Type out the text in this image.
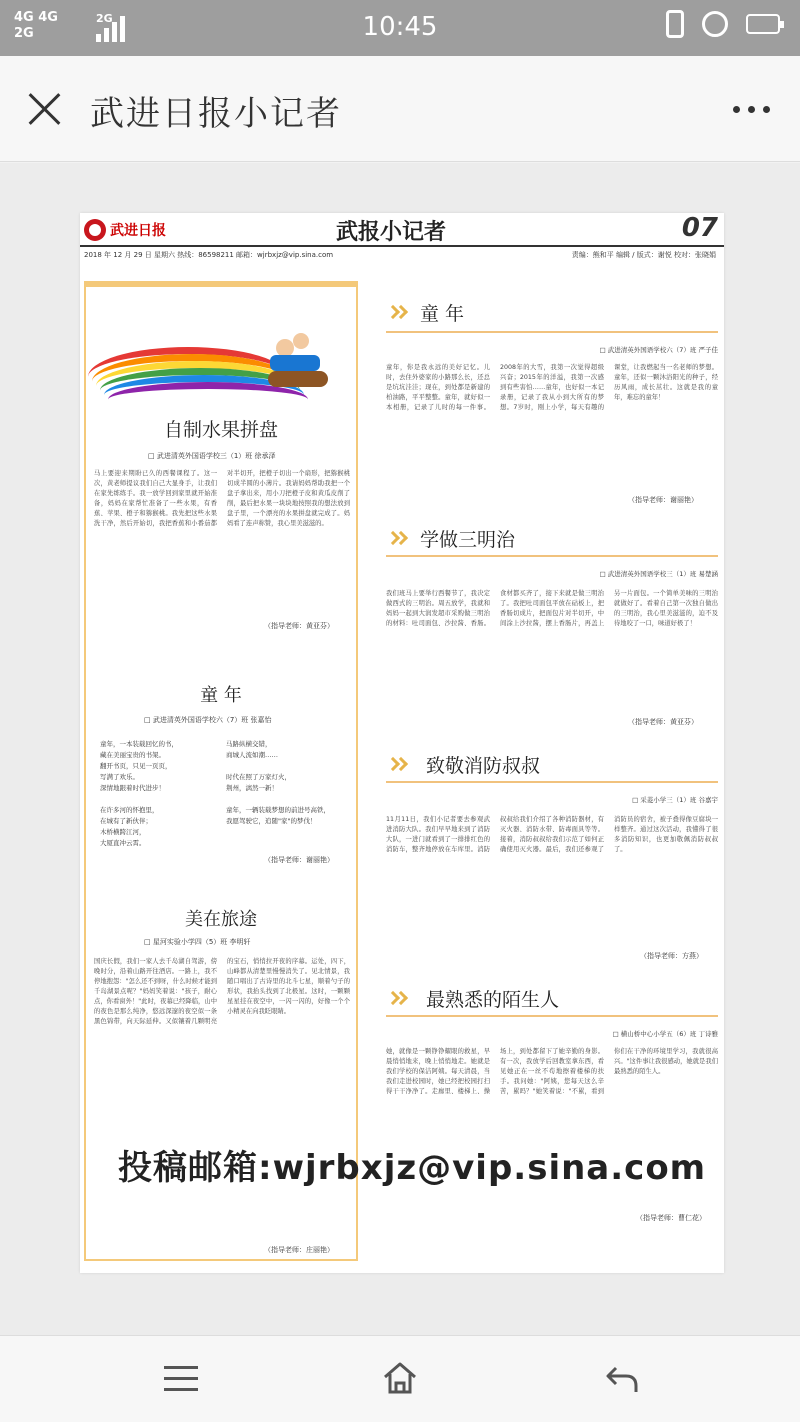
4G 4G
2G
2G	10:45
武进日报小记者
武进日报	武报小记者	07
2018 年 12 月 29 日 星期六 热线：86598211 邮箱：wjrbxjz@vip.sina.com	责编：熊和平 编辑 / 版式：谢悦 校对：张晓娟
自制水果拼盘
□ 武进清英外国语学校三（1）班 徐承泽
马上要迎来期盼已久的西餐课程了。这一次，黄老师提议我们自己大显身手，让我们在家先练练手。我一放学回到家里就开始准备，妈妈在家帮忙准备了一些水果，有香蕉、苹果、橙子和猕猴桃。我先把这些水果洗干净，然后开始切，我把香蕉和小番茄都对半切开，把橙子切出一个扇形，把猕猴桃切成半圆的小薄片。我请妈妈帮助我把一个盘子拿出来，用小刀把橙子皮和黄瓜皮削了削，最后把水果一块块地按照我的想法放到盘子里，一个漂亮的水果拼盘就完成了。妈妈看了连声称赞，我心里美滋滋的。
（指导老师：黄亚芬）
童 年
□ 武进清英外国语学校六（7）班 张嘉怡
童年，一本装载回忆的书，
藏在美丽宝贵的书架。
翻开书页，只见一页页，
写满了欢乐。
深情地跟着时代进步！

在许多河的怀抱里，
在城有了新伙伴；
木桥横跨江河，
大厦直冲云霄。
马路纵横交错，
商城人流如潮……

时代在照了万家灯火，
荆州，漓然一新！

童年，一辆装载梦想的前进号高铁，
我愿驾驶它，追随"家"的梦伐！
（指导老师：谢丽艳）
美在旅途
□ 星河实验小学四（5）班 李明轩
国庆长假，我们一家人去千岛湖自驾游，傍晚时分，沿着山路开往酒店。一路上，我不停地抱怨："怎么还不到呀，什么时候才能到千岛湖景点呢？"妈妈笑着说："孩子，耐心点，你看窗外！"此时，夜幕已经降临，山中的夜色是那么纯净，悠远深邃的夜空似一条黑色锦带，向天际延伸。又似镶着几颗明亮的宝石，悄悄拉开夜的序幕。运处，四下，山峰都从清楚里慢慢消失了。见北情景，我随口唱出了古诗里的北斗七星，顺着勺子的形状，我抬头找到了北极星。这时，一颗颗星星挂在夜空中，一闪一闪的，好像一个个小精灵在向我眨眼睛。
（指导老师：庄丽艳）
童 年
□ 武进清英外国语学校六（7）班 严子佳
童年，你是我永远的美好记忆。儿时，去住外婆家的小路那么长，还总是坑坑洼洼；现在，到处都是新建的柏油路，平平整整。童年，就好似一本相册，记录了儿时的每一件事。2008年的大雪，我第一次觉得超级兴奋；2015年的洋溢，我第一次感到有些害怕……童年，也好似一本记录册，记录了我从小到大所有的梦想。7岁时，刚上小学，每天有趣的课堂，让我燃起当一名老师的梦想。童年，还似一颗沐浴阳光的种子，经历风雨，成长茁壮。这就是我的童年，难忘的童年！
（指导老师：谢丽艳）
学做三明治
□ 武进清英外国语学校三（1）班 易楚涵
我们班马上要举行西餐节了，我决定做西式的三明治。周五放学，我就和妈妈一起到大润发超市采购做三明治的材料：吐司面包、沙拉酱、香肠。食材都买齐了，接下来就是做三明治了。我把吐司面包平放在砧板上，把香肠切成片，把面包片对半切开，中间涂上沙拉酱，摆上香肠片，再盖上另一片面包。一个简单美味的三明治就做好了。看着自己第一次独自做出的三明治，我心里美滋滋的，迫不及待地咬了一口，味道好极了！
（指导老师：黄亚芬）
致敬消防叔叔
□ 采菱小学三（1）班 谷嘉宇
11月11日，我们小记者要去参观武进消防大队。我们早早地来到了消防大队，一进门就看到了一排排红色的消防车，整齐地停放在车库里。消防叔叔给我们介绍了各种消防器材，有灭火器、消防水带、防毒面具等等。接着，消防叔叔给我们示范了如何正确使用灭火器。最后，我们还参观了消防员的宿舍，被子叠得像豆腐块一样整齐。通过这次活动，我懂得了很多消防知识，也更加敬佩消防叔叔了。
（指导老师：方燕）
最熟悉的陌生人
□ 横山桥中心小学五（6）班 丁诗雅
她，就像是一颗铮铮耀眼的救星，早晨悄悄地来，晚上悄悄地走。她就是我们学校的保洁阿姨。每天清晨，当我们走进校园时，她已经把校园打扫得干干净净了。走廊里、楼梯上、操场上，到处都留下了她辛勤的身影。有一次，我放学后回教室拿东西，看见她正在一丝不苟地擦着楼梯的扶手。我问她："阿姨，您每天这么辛苦，累吗？"她笑着说："不累，看到你们在干净的环境里学习，我就很高兴。"这件事让我很感动，她就是我们最熟悉的陌生人。
（指导老师：曹仁花）
投稿邮箱:wjrbxjz@vip.sina.com
